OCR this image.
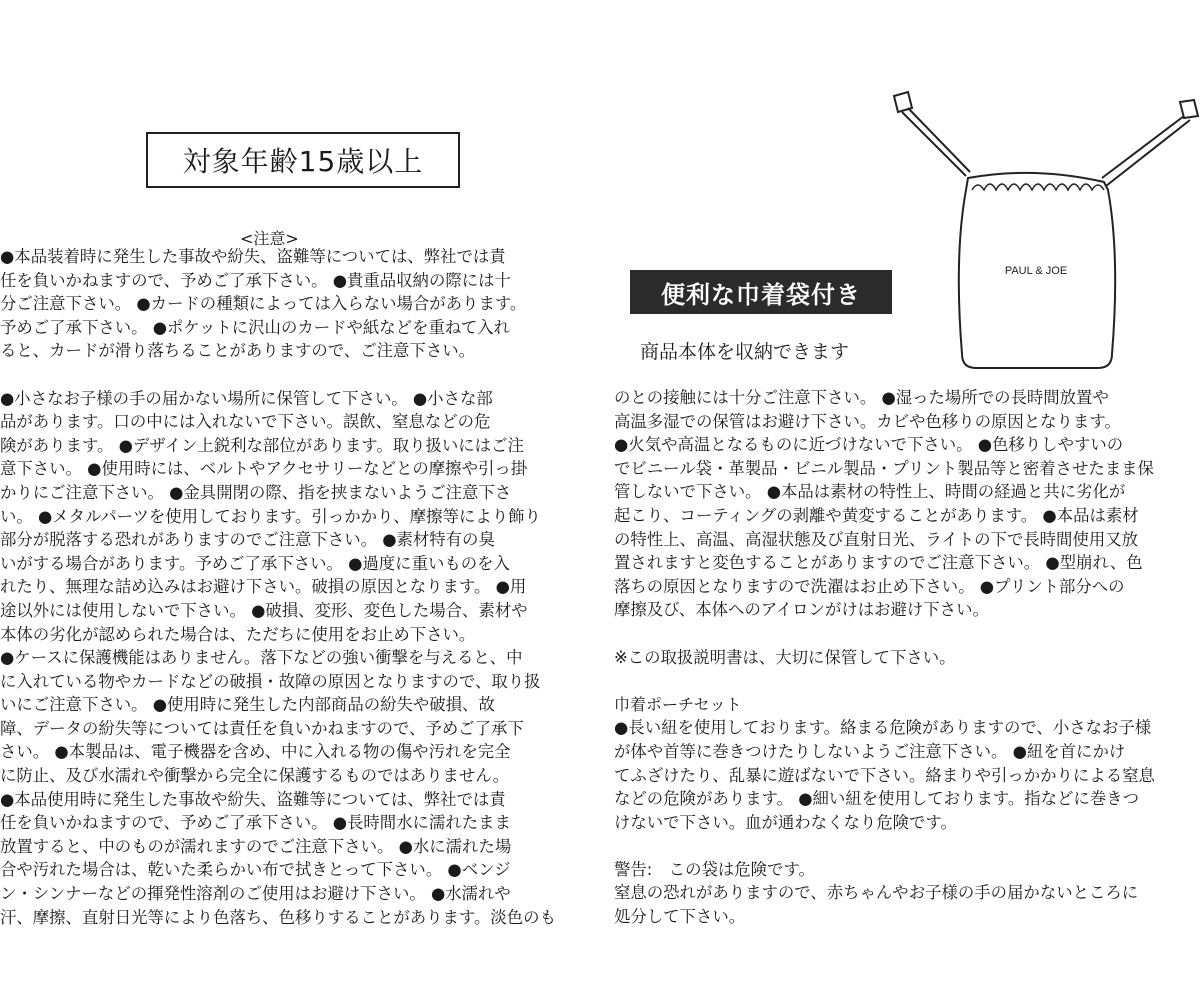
対象年齢15歳以上
<注意>
●本品装着時に発生した事故や紛失、盗難等については、弊社では責
任を負いかねますので、予めご了承下さい。 ●貴重品収納の際には十
分ご注意下さい。 ●カードの種類によっては入らない場合があります。
予めご了承下さい。 ●ポケットに沢山のカードや紙などを重ねて入れ
ると、カードが滑り落ちることがありますので、ご注意下さい。
●小さなお子様の手の届かない場所に保管して下さい。 ●小さな部
品があります。口の中には入れないで下さい。誤飲、窒息などの危
険があります。 ●デザイン上鋭利な部位があります。取り扱いにはご注
意下さい。 ●使用時には、ベルトやアクセサリーなどとの摩擦や引っ掛
かりにご注意下さい。 ●金具開閉の際、指を挟まないようご注意下さ
い。 ●メタルパーツを使用しております。引っかかり、摩擦等により飾り
部分が脱落する恐れがありますのでご注意下さい。 ●素材特有の臭
いがする場合があります。予めご了承下さい。 ●過度に重いものを入
れたり、無理な詰め込みはお避け下さい。破損の原因となります。 ●用
途以外には使用しないで下さい。 ●破損、変形、変色した場合、素材や
本体の劣化が認められた場合は、ただちに使用をお止め下さい。
●ケースに保護機能はありません。落下などの強い衝撃を与えると、中
に入れている物やカードなどの破損・故障の原因となりますので、取り扱
いにご注意下さい。 ●使用時に発生した内部商品の紛失や破損、故
障、データの紛失等については責任を負いかねますので、予めご了承下
さい。 ●本製品は、電子機器を含め、中に入れる物の傷や汚れを完全
に防止、及び水濡れや衝撃から完全に保護するものではありません。
●本品使用時に発生した事故や紛失、盗難等については、弊社では責
任を負いかねますので、予めご了承下さい。 ●長時間水に濡れたまま
放置すると、中のものが濡れますのでご注意下さい。 ●水に濡れた場
合や汚れた場合は、乾いた柔らかい布で拭きとって下さい。 ●ベンジ
ン・シンナーなどの揮発性溶剤のご使用はお避け下さい。 ●水濡れや
汗、摩擦、直射日光等により色落ち、色移りすることがあります。淡色のも
便利な巾着袋付き
商品本体を収納できます
PAUL & JOE
のとの接触には十分ご注意下さい。 ●湿った場所での長時間放置や
高温多湿での保管はお避け下さい。カビや色移りの原因となります。
●火気や高温となるものに近づけないで下さい。 ●色移りしやすいの
でビニール袋・革製品・ビニル製品・プリント製品等と密着させたまま保
管しないで下さい。 ●本品は素材の特性上、時間の経過と共に劣化が
起こり、コーティングの剥離や黄変することがあります。 ●本品は素材
の特性上、高温、高湿状態及び直射日光、ライトの下で長時間使用又放
置されますと変色することがありますのでご注意下さい。 ●型崩れ、色
落ちの原因となりますので洗濯はお止め下さい。 ●プリント部分への
摩擦及び、本体へのアイロンがけはお避け下さい。
※この取扱説明書は、大切に保管して下さい。
巾着ポーチセット
●長い紐を使用しております。絡まる危険がありますので、小さなお子様
が体や首等に巻きつけたりしないようご注意下さい。 ●紐を首にかけ
てふざけたり、乱暴に遊ばないで下さい。絡まりや引っかかりによる窒息
などの危険があります。 ●細い紐を使用しております。指などに巻きつ
けないで下さい。血が通わなくなり危険です。
警告:　この袋は危険です。
窒息の恐れがありますので、赤ちゃんやお子様の手の届かないところに
処分して下さい。
